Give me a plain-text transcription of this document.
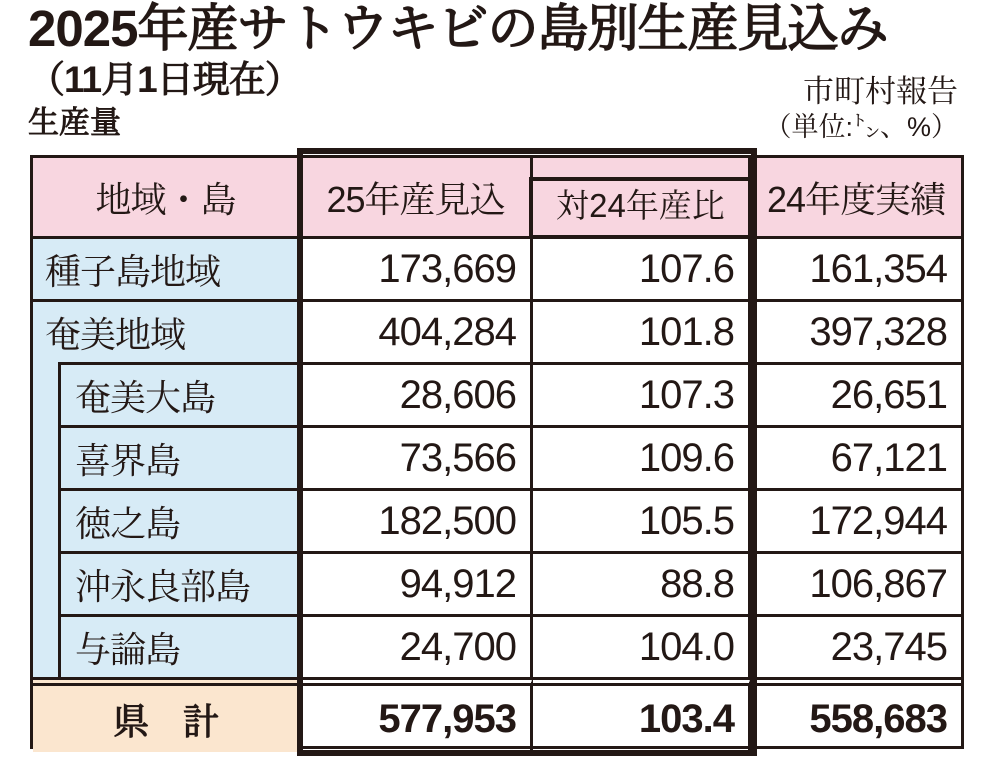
2025年産サトウキビの島別生産見込み
（11月1日現在）
生産量
市町村報告
（単位:㌧、%）
地域・島	25年産見込	対24年産比	24年度実績
種子島地域	173,669	107.6	161,354
奄美地域	404,284	101.8	397,328
奄美大島	28,606	107.3	26,651
喜界島	73,566	109.6	67,121
徳之島	182,500	105.5	172,944
沖永良部島	94,912	88.8	106,867
与論島	24,700	104.0	23,745
県　計	577,953	103.4	558,683
